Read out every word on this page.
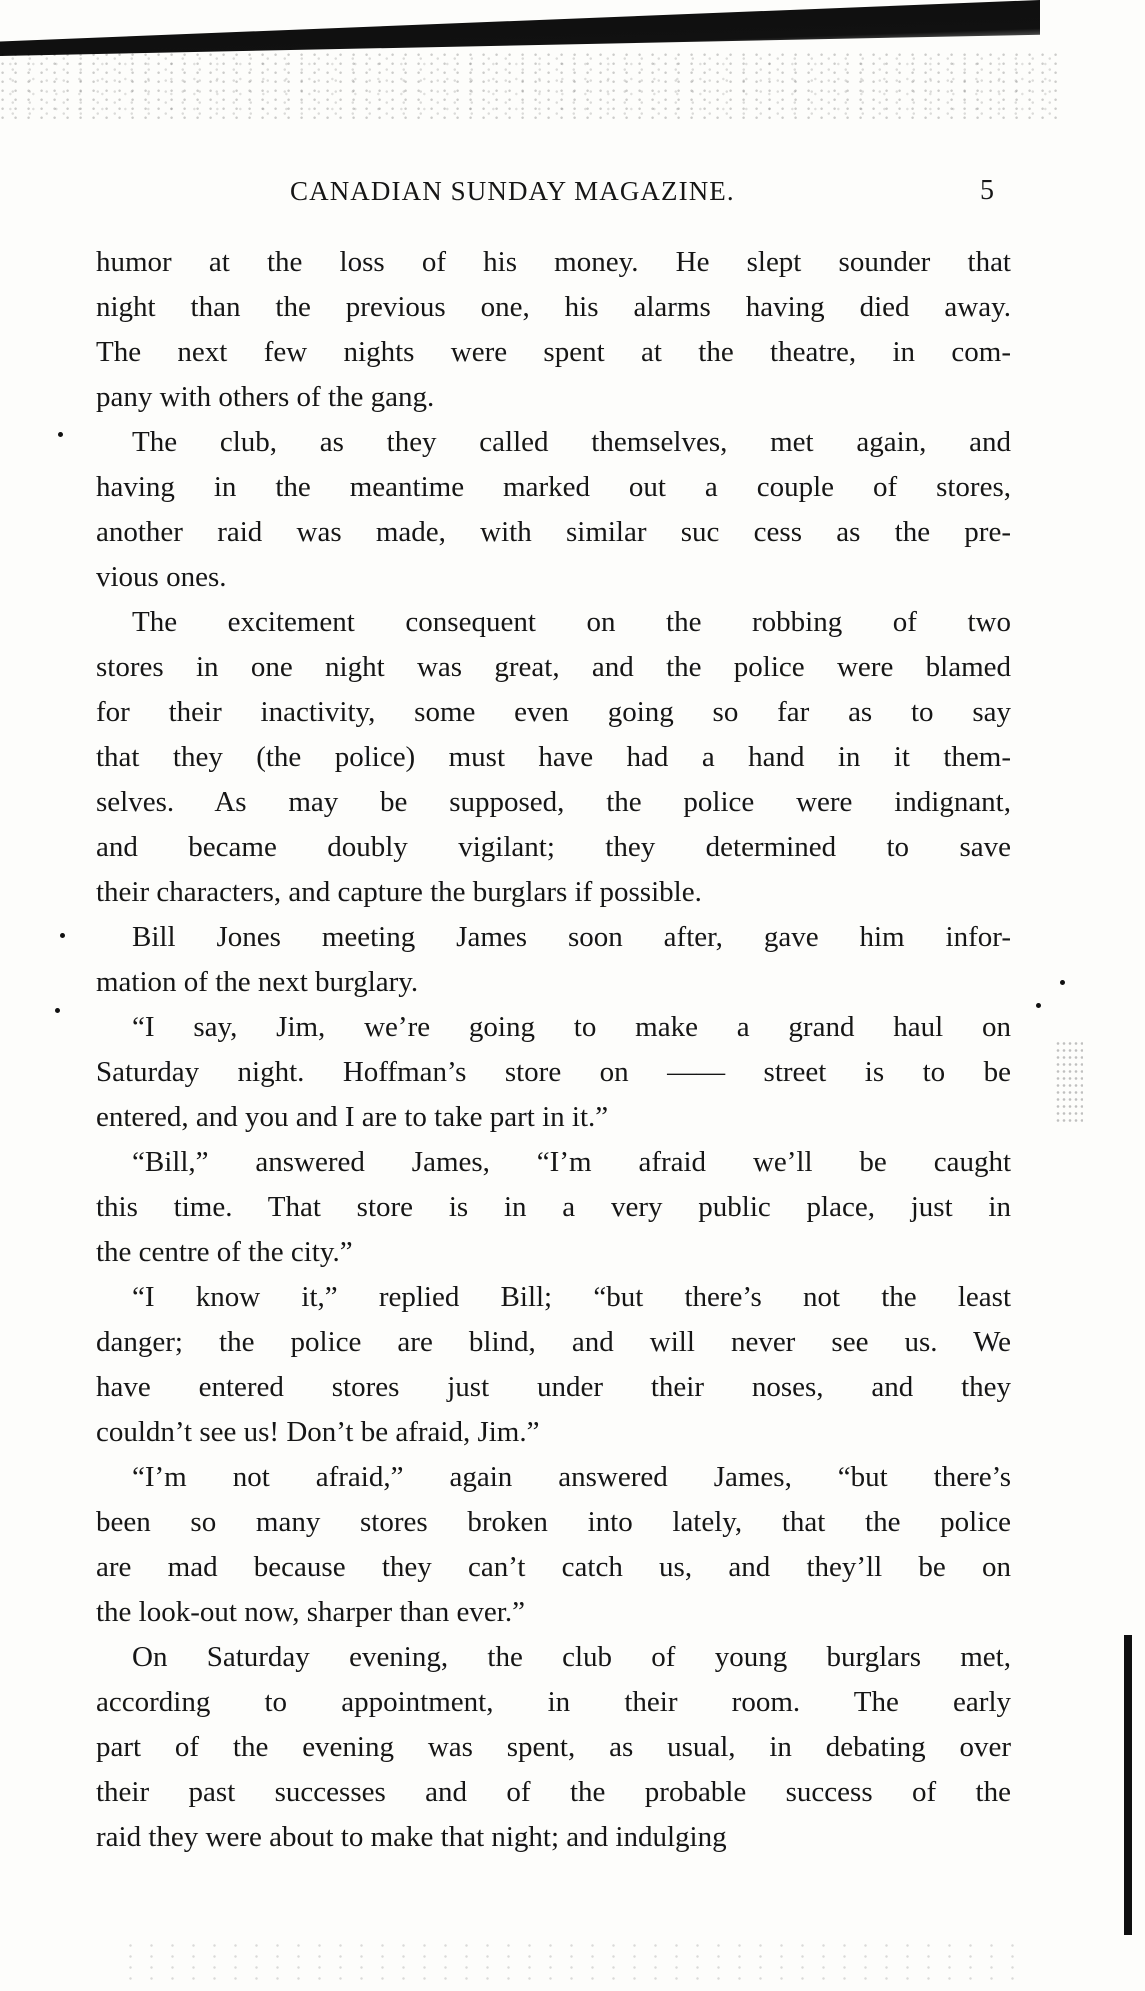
CANADIAN SUNDAY MAGAZINE.	5
humor at the loss of his money. He slept sounder that
night than the previous one, his alarms having died away.
The next few nights were spent at the theatre, in com-
pany with others of the gang.
The club, as they called themselves, met again, and
having in the meantime marked out a couple of stores,
another raid was made, with similar suc cess as the pre-
vious ones.
The excitement consequent on the robbing of two
stores in one night was great, and the police were blamed
for their inactivity, some even going so far as to say
that they (the police) must have had a hand in it them-
selves. As may be supposed, the police were indignant,
and became doubly vigilant; they determined to save
their characters, and capture the burglars if possible.
Bill Jones meeting James soon after, gave him infor-
mation of the next burglary.
“I say, Jim, we’re going to make a grand haul on
Saturday night. Hoffman’s store on —— street is to be
entered, and you and I are to take part in it.”
“Bill,” answered James, “I’m afraid we’ll be caught
this time. That store is in a very public place, just in
the centre of the city.”
“I know it,” replied Bill; “but there’s not the least
danger; the police are blind, and will never see us. We
have entered stores just under their noses, and they
couldn’t see us! Don’t be afraid, Jim.”
“I’m not afraid,” again answered James, “but there’s
been so many stores broken into lately, that the police
are mad because they can’t catch us, and they’ll be on
the look-out now, sharper than ever.”
On Saturday evening, the club of young burglars met,
according to appointment, in their room. The early
part of the evening was spent, as usual, in debating over
their past successes and of the probable success of the
raid they were about to make that night; and indulging
